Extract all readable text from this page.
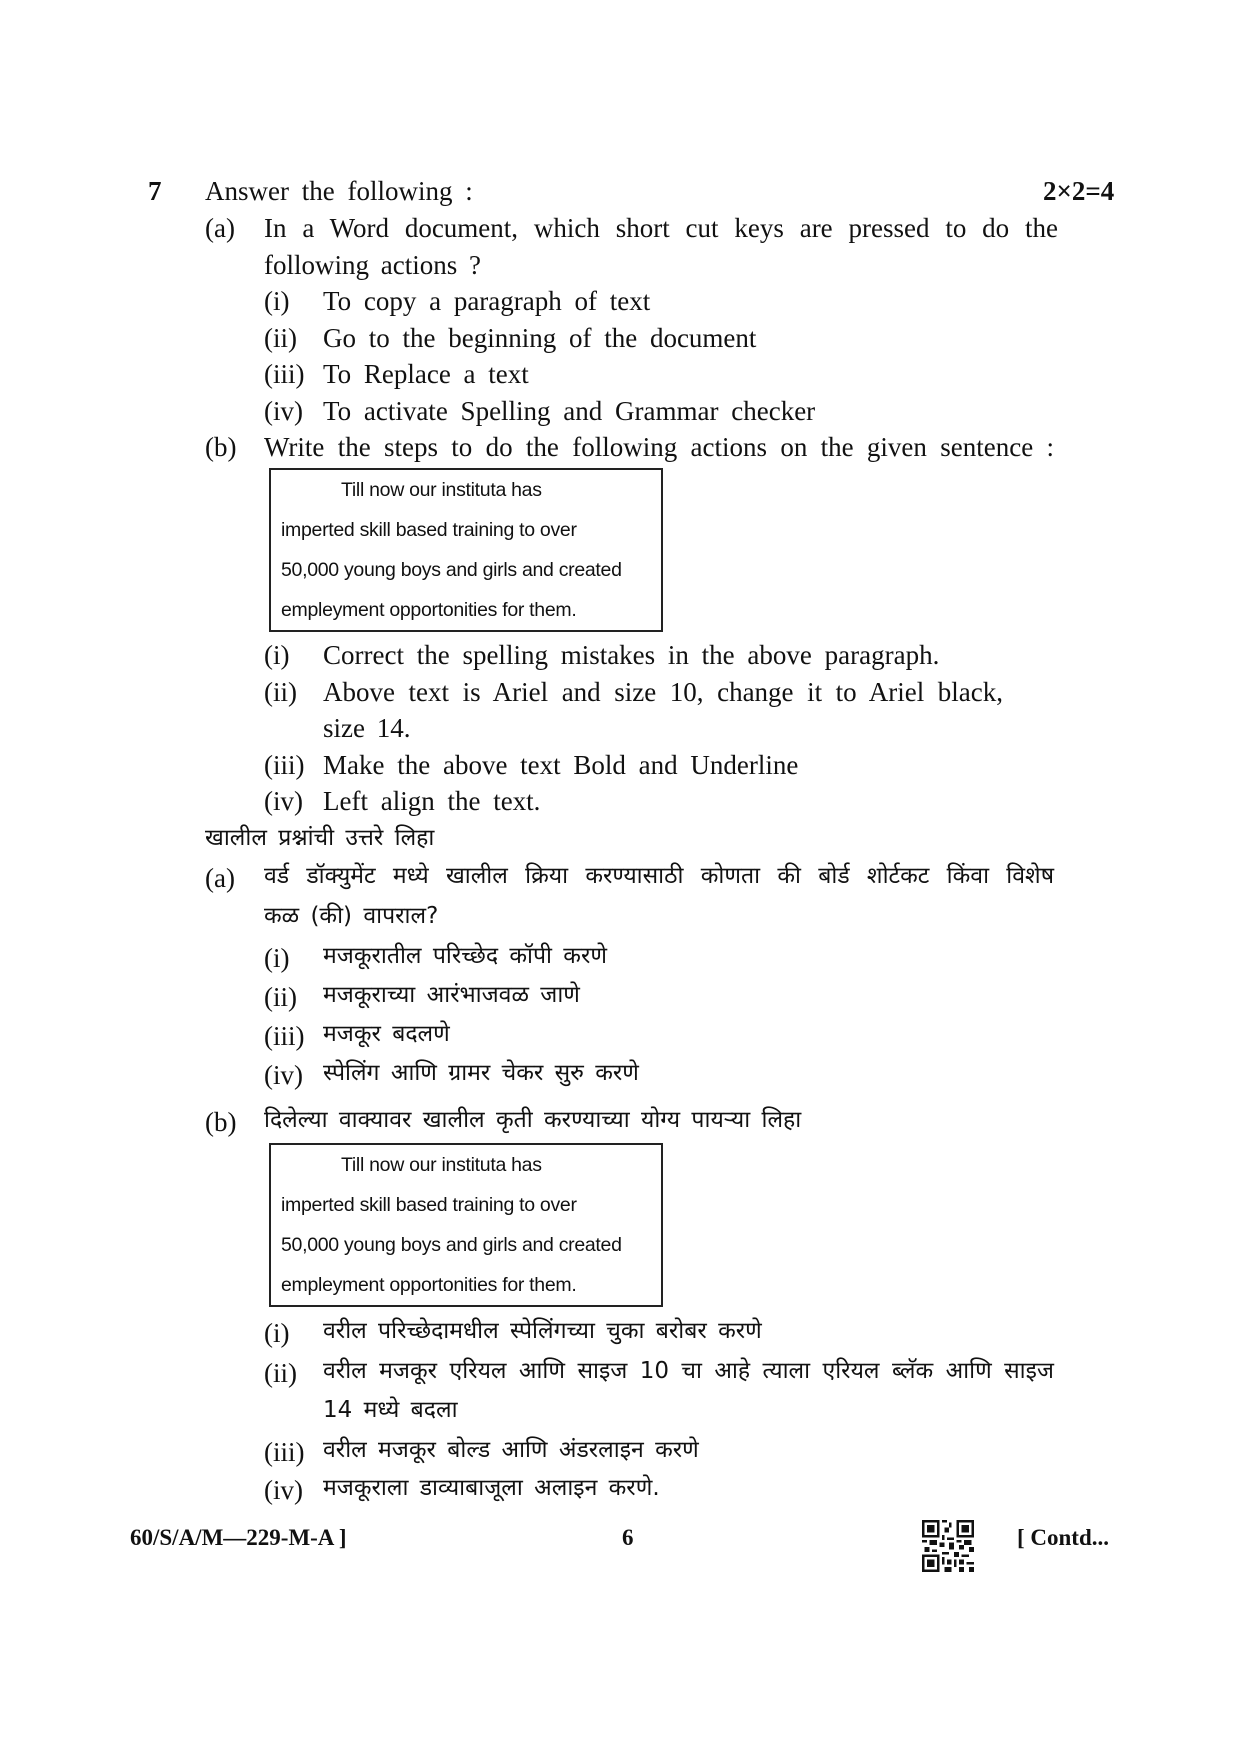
7 Answer the following :	2×2=4
(a) In a Word document, which short cut keys are pressed to do the
following actions ?
(i) To copy a paragraph of text
(ii) Go to the beginning of the document
(iii) To Replace a text
(iv) To activate Spelling and Grammar checker
(b) Write the steps to do the following actions on the given sentence :
Till now our instituta has
imperted skill based training to over
50,000 young boys and girls and created
empleyment opportonities for them.
(i) Correct the spelling mistakes in the above paragraph.
(ii) Above text is Ariel and size 10, change it to Ariel black,
size 14.
(iii) Make the above text Bold and Underline
(iv) Left align the text.
खालील प्रश्नांची उत्तरे लिहा
(a) वर्ड डॉक्युमेंट मध्ये खालील क्रिया करण्यासाठी कोणता की बोर्ड शोर्टकट किंवा विशेष
कळ (की) वापराल?
(i) मजकूरातील परिच्छेद कॉपी करणे
(ii) मजकूराच्या आरंभाजवळ जाणे
(iii) मजकूर बदलणे
(iv) स्पेलिंग आणि ग्रामर चेकर सुरु करणे
(b) दिलेल्या वाक्यावर खालील कृती करण्याच्या योग्य पायऱ्या लिहा
Till now our instituta has
imperted skill based training to over
50,000 young boys and girls and created
empleyment opportonities for them.
(i) वरील परिच्छेदामधील स्पेलिंगच्या चुका बरोबर करणे
(ii) वरील मजकूर एरियल आणि साइज 10 चा आहे त्याला एरियल ब्लॅक आणि साइज
14 मध्ये बदला
(iii) वरील मजकूर बोल्ड आणि अंडरलाइन करणे
(iv) मजकूराला डाव्याबाजूला अलाइन करणे.
60/S/A/M—229-M-A ]	6	[ Contd...
